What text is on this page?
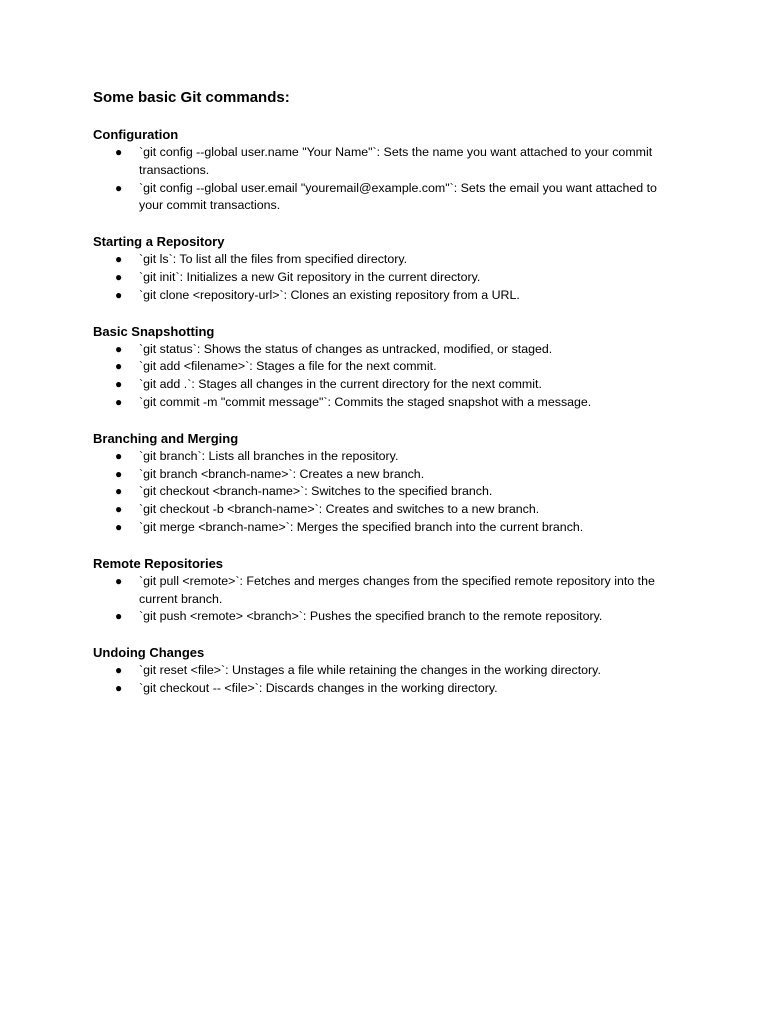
Some basic Git commands:
Configuration
● `git config --global user.name "Your Name"`: Sets the name you want attached to your commit transactions.
● `git config --global user.email "youremail@example.com"`: Sets the email you want attached to your commit transactions.
Starting a Repository
● `git ls`: To list all the files from specified directory.
● `git init`: Initializes a new Git repository in the current directory.
● `git clone <repository-url>`: Clones an existing repository from a URL.
Basic Snapshotting
● `git status`: Shows the status of changes as untracked, modified, or staged.
● `git add <filename>`: Stages a file for the next commit.
● `git add .`: Stages all changes in the current directory for the next commit.
● `git commit -m "commit message"`: Commits the staged snapshot with a message.
Branching and Merging
● `git branch`: Lists all branches in the repository.
● `git branch <branch-name>`: Creates a new branch.
● `git checkout <branch-name>`: Switches to the specified branch.
● `git checkout -b <branch-name>`: Creates and switches to a new branch.
● `git merge <branch-name>`: Merges the specified branch into the current branch.
Remote Repositories
● `git pull <remote>`: Fetches and merges changes from the specified remote repository into the current branch.
● `git push <remote> <branch>`: Pushes the specified branch to the remote repository.
Undoing Changes
● `git reset <file>`: Unstages a file while retaining the changes in the working directory.
● `git checkout -- <file>`: Discards changes in the working directory.
